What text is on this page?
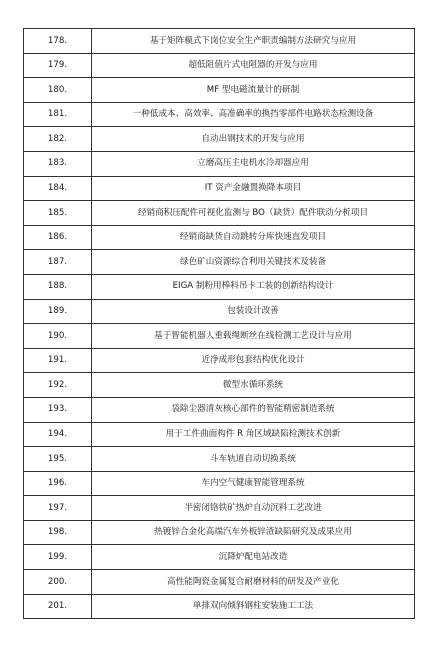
178.	基于矩阵模式下岗位安全生产职责编制方法研究与应用
179.	超低阻值片式电阻器的开发与应用
180.	MF 型电磁流量计的研制
181.	一种低成本、高效率、高准确率的换挡零部件电路状态检测设备
182.	自动出钢技术的开发与应用
183.	立磨高压主电机水冷却器应用
184.	IT 资产金融置换降本项目
185.	经销商积压配件可视化监测与 BO（缺货）配件联动分析项目
186.	经销商缺货自动跳转分库快速直发项目
187.	绿色矿山资源综合利用关键技术及装备
188.	EIGA 制粉用棒料吊卡工装的创新结构设计
189.	包装设计改善
190.	基于智能机器人重载绳断丝在线检测工艺设计与应用
191.	近净成形包套结构优化设计
192.	微型水循环系统
193.	袋除尘器清灰核心部件的智能精密制造系统
194.	用于工件曲面构件 R 角区域缺陷检测技术创新
195.	斗车轨道自动切换系统
196.	车内空气健康智能管理系统
197.	半密闭铬铁矿热炉自动沉料工艺改进
198.	热镀锌合金化高端汽车外板锌渣缺陷研究及成果应用
199.	沉降炉配电站改造
200.	高性能陶瓷金属复合耐磨材料的研发及产业化
201.	单排双向倾斜钢柱安装施工工法
